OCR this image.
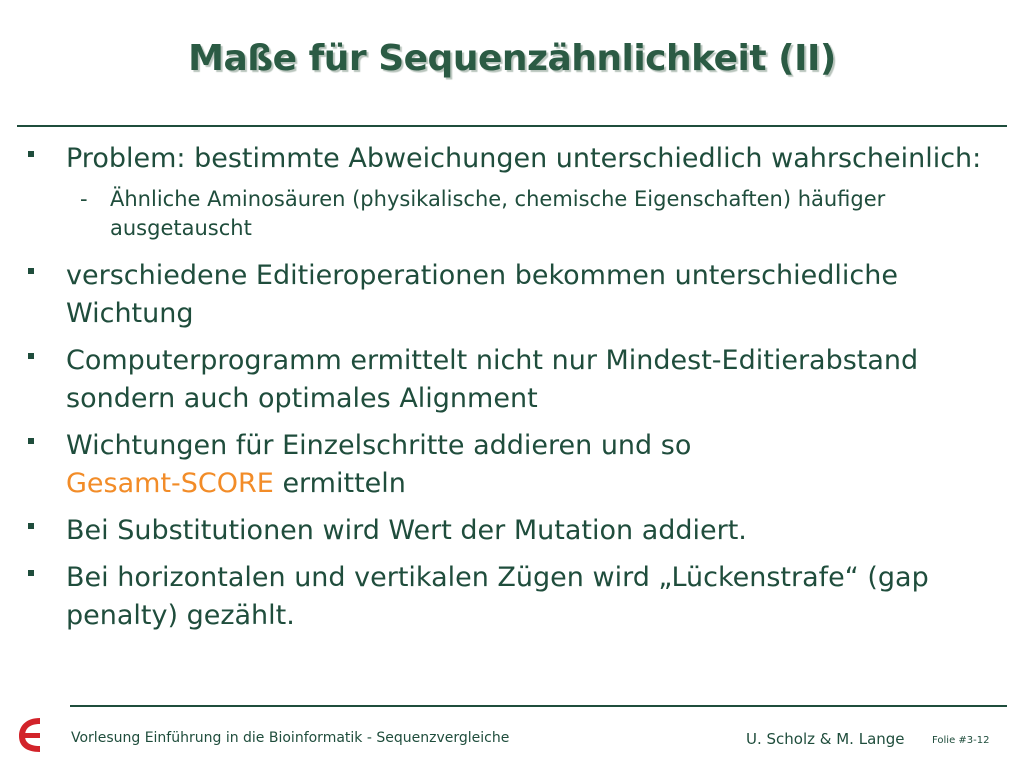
Maße für Sequenzähnlichkeit (II)
Problem: bestimmte Abweichungen unterschiedlich wahrscheinlich:
- Ähnliche Aminosäuren (physikalische, chemische Eigenschaften) häufiger ausgetauscht
verschiedene Editieroperationen bekommen unterschiedliche Wichtung
Computerprogramm ermittelt nicht nur Mindest-Editierabstand sondern auch optimales Alignment
Wichtungen für Einzelschritte addieren und so
Gesamt-SCORE ermitteln
Bei Substitutionen wird Wert der Mutation addiert.
Bei horizontalen und vertikalen Zügen wird „Lückenstrafe“ (gap penalty) gezählt.
Vorlesung Einführung in die Bioinformatik - Sequenzvergleiche	U. Scholz & M. Lange	Folie #3-12
